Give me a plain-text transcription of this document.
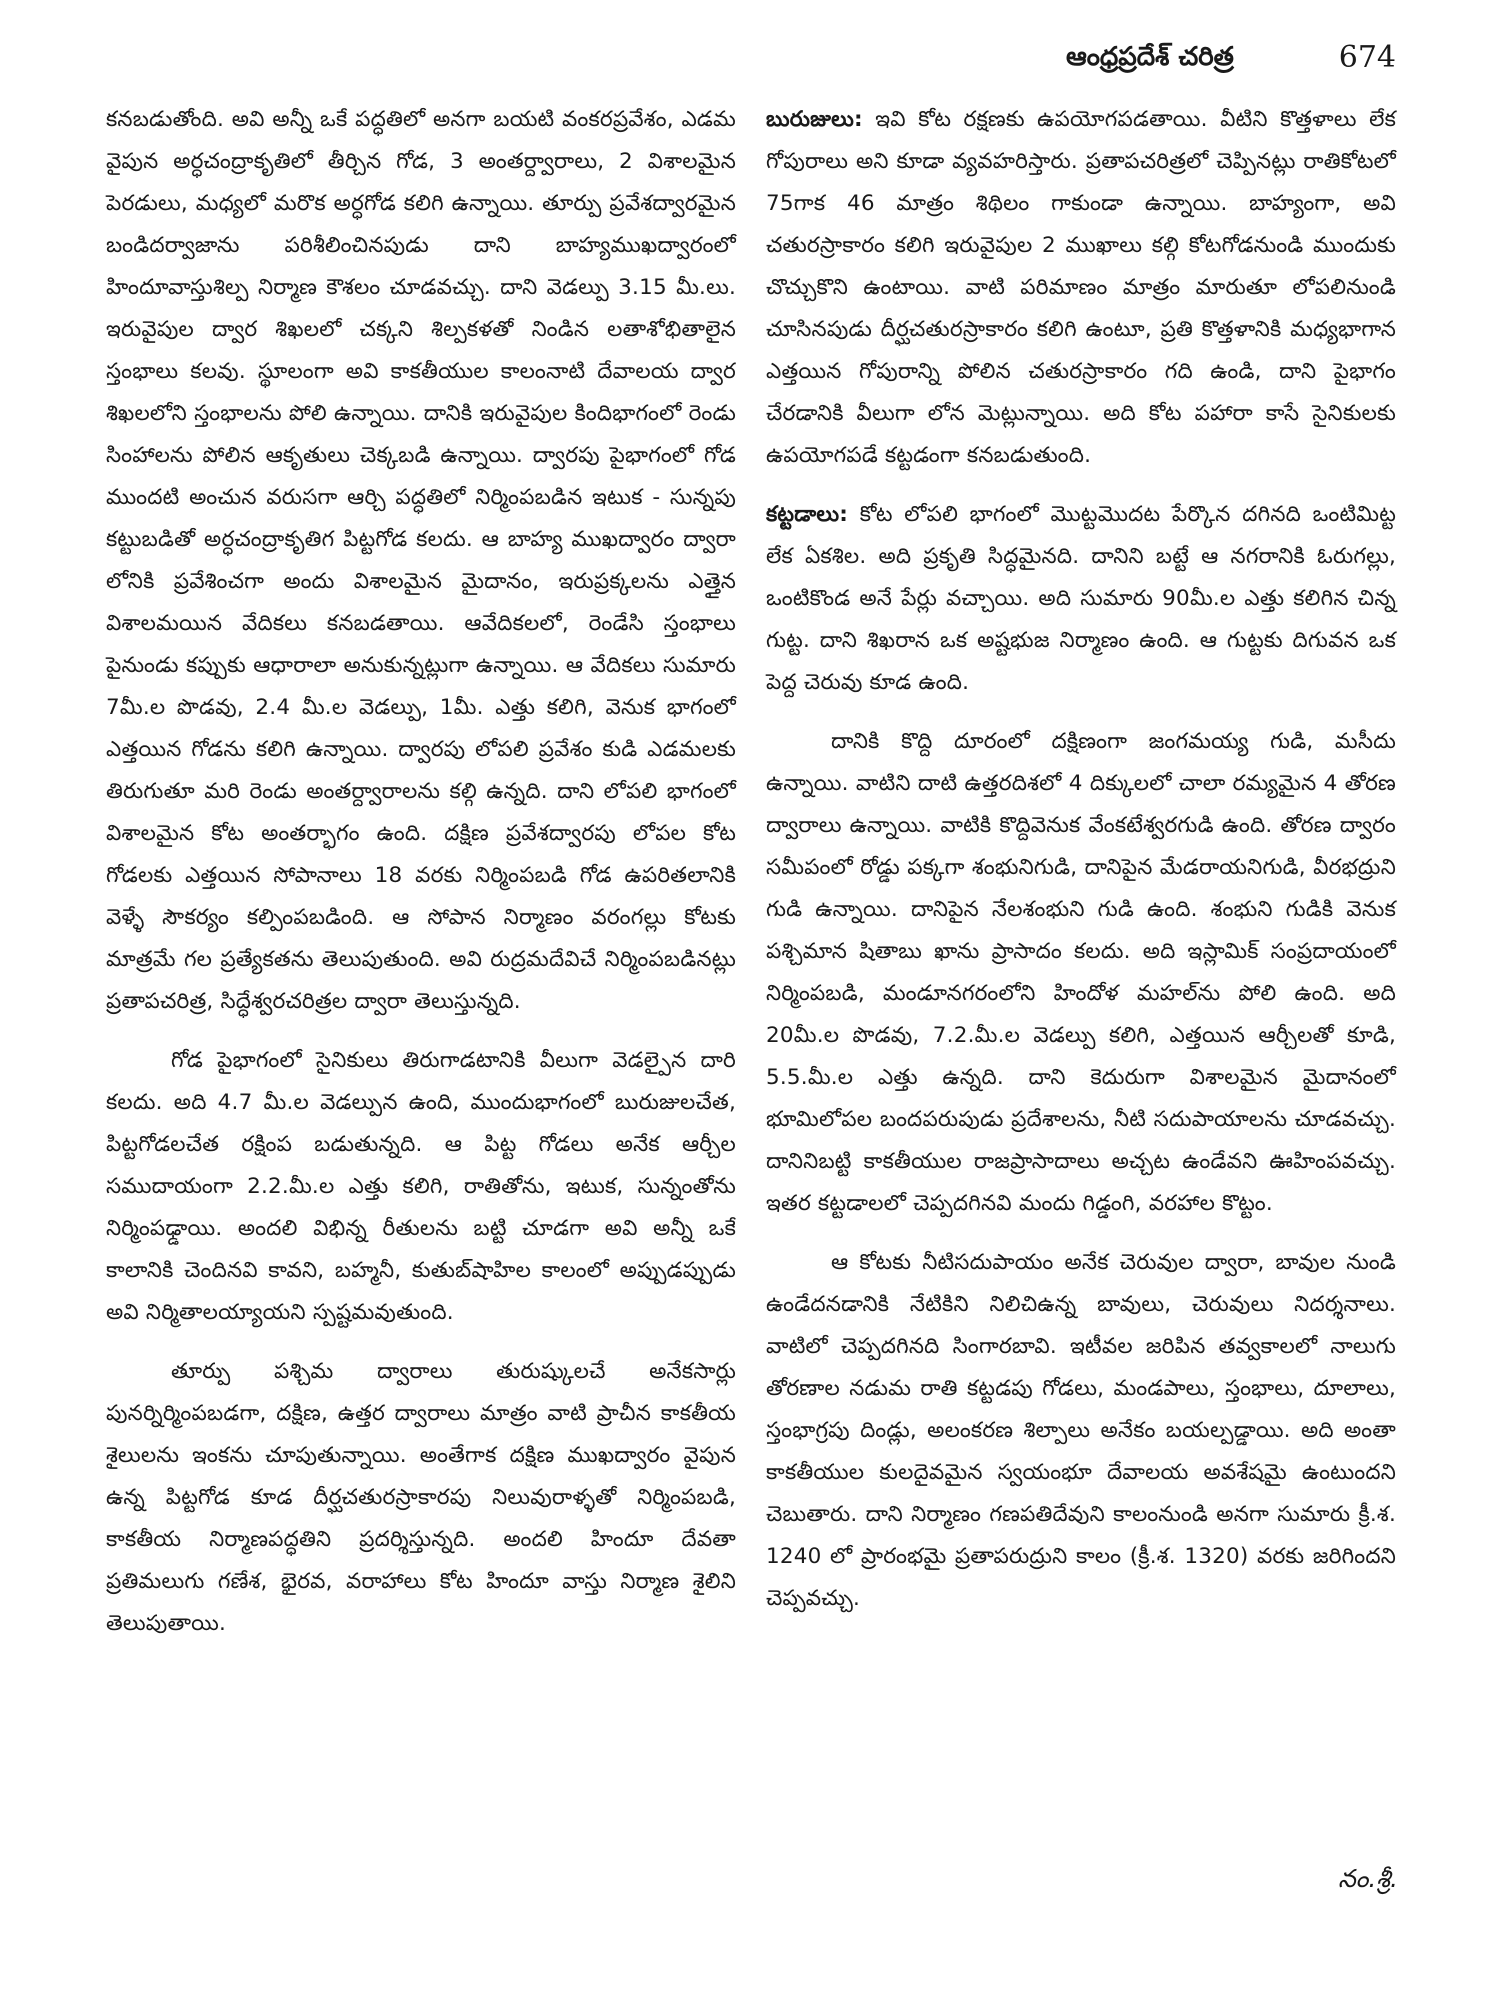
ఆంధ్రప్రదేశ్ చరిత్ర	674

కనబడుతోంది. అవి అన్నీ ఒకే పద్ధతిలో అనగా బయటి వంకరప్రవేశం, ఎడమ వైపున అర్ధచంద్రాకృతిలో తీర్చిన గోడ, 3 అంతర్ద్వారాలు, 2 విశాలమైన పెరడులు, మధ్యలో మరొక అర్ధగోడ కలిగి ఉన్నాయి. తూర్పు ప్రవేశద్వారమైన బండిదర్వాజాను పరిశీలించినపుడు దాని బాహ్యముఖద్వారంలో హిందూవాస్తుశిల్ప నిర్మాణ కౌశలం చూడవచ్చు. దాని వెడల్పు 3.15 మీ.లు. ఇరువైపుల ద్వార శిఖలలో చక్కని శిల్పకళతో నిండిన లతాశోభితాలైన స్తంభాలు కలవు. స్థూలంగా అవి కాకతీయుల కాలంనాటి దేవాలయ ద్వార శిఖలలోని స్తంభాలను పోలి ఉన్నాయి. దానికి ఇరువైపుల కిందిభాగంలో రెండు సింహాలను పోలిన ఆకృతులు చెక్కబడి ఉన్నాయి. ద్వారపు పైభాగంలో గోడ ముందటి అంచున వరుసగా ఆర్చి పద్ధతిలో నిర్మింపబడిన ఇటుక - సున్నపు కట్టుబడితో అర్ధచంద్రాకృతిగ పిట్టగోడ కలదు. ఆ బాహ్య ముఖద్వారం ద్వారా లోనికి ప్రవేశించగా అందు విశాలమైన మైదానం, ఇరుప్రక్కలను ఎత్తైన విశాలమయిన వేదికలు కనబడతాయి. ఆవేదికలలో, రెండేసి స్తంభాలు పైనుండు కప్పుకు ఆధారాలా అనుకున్నట్లుగా ఉన్నాయి. ఆ వేదికలు సుమారు 7మీ.ల పొడవు, 2.4 మీ.ల వెడల్పు, 1మీ. ఎత్తు కలిగి, వెనుక భాగంలో ఎత్తయిన గోడను కలిగి ఉన్నాయి. ద్వారపు లోపలి ప్రవేశం కుడి ఎడమలకు తిరుగుతూ మరి రెండు అంతర్ద్వారాలను కల్గి ఉన్నది. దాని లోపలి భాగంలో విశాలమైన కోట అంతర్భాగం ఉంది. దక్షిణ ప్రవేశద్వారపు లోపల కోట గోడలకు ఎత్తయిన సోపానాలు 18 వరకు నిర్మింపబడి గోడ ఉపరితలానికి వెళ్ళే సౌకర్యం కల్పింపబడింది. ఆ సోపాన నిర్మాణం వరంగల్లు కోటకు మాత్రమే గల ప్రత్యేకతను తెలుపుతుంది. అవి రుద్రమదేవిచే నిర్మింపబడినట్లు ప్రతాపచరిత్ర, సిద్ధేశ్వరచరిత్రల ద్వారా తెలుస్తున్నది.

గోడ పైభాగంలో సైనికులు తిరుగాడటానికి వీలుగా వెడల్పైన దారి కలదు. అది 4.7 మీ.ల వెడల్పున ఉంది, ముందుభాగంలో బురుజులచేత, పిట్టగోడలచేత రక్షింప బడుతున్నది. ఆ పిట్ట గోడలు అనేక ఆర్చీల సముదాయంగా 2.2.మీ.ల ఎత్తు కలిగి, రాతితోను, ఇటుక, సున్నంతోను నిర్మింపఢ్డాయి. అందలి విభిన్న రీతులను బట్టి చూడగా అవి అన్నీ ఒకే కాలానికి చెందినవి కావని, బహ్మనీ, కుతుబ్‌షాహిల కాలంలో అప్పుడప్పుడు అవి నిర్మితాలయ్యాయని స్పష్టమవుతుంది.

తూర్పు పశ్చిమ ద్వారాలు తురుష్కులచే అనేకసార్లు పునర్నిర్మింపబడగా, దక్షిణ, ఉత్తర ద్వారాలు మాత్రం వాటి ప్రాచీన కాకతీయ శైలులను ఇంకను చూపుతున్నాయి. అంతేగాక దక్షిణ ముఖద్వారం వైపున ఉన్న పిట్టగోడ కూడ దీర్ఘచతురస్రాకారపు నిలువురాళ్ళతో నిర్మింపబడి, కాకతీయ నిర్మాణపద్ధతిని ప్రదర్శిస్తున్నది. అందలి హిందూ దేవతా ప్రతిమలుగు గణేశ, భైరవ, వరాహాలు కోట హిందూ వాస్తు నిర్మాణ శైలిని తెలుపుతాయి.

బురుజులు: ఇవి కోట రక్షణకు ఉపయోగపడతాయి. వీటిని కొత్తళాలు లేక గోపురాలు అని కూడా వ్యవహరిస్తారు. ప్రతాపచరిత్రలో చెప్పినట్లు రాతికోటలో 75గాక 46 మాత్రం శిథిలం గాకుండా ఉన్నాయి. బాహ్యంగా, అవి చతురస్రాకారం కలిగి ఇరువైపుల 2 ముఖాలు కల్గి కోటగోడనుండి ముందుకు చొచ్చుకొని ఉంటాయి. వాటి పరిమాణం మాత్రం మారుతూ లోపలినుండి చూసినపుడు దీర్ఘచతురస్రాకారం కలిగి ఉంటూ, ప్రతి కొత్తళానికి మధ్యభాగాన ఎత్తయిన గోపురాన్ని పోలిన చతురస్రాకారం గది ఉండి, దాని పైభాగం చేరడానికి వీలుగా లోన మెట్లున్నాయి. అది కోట పహారా కాసే సైనికులకు ఉపయోగపడే కట్టడంగా కనబడుతుంది.

కట్టడాలు: కోట లోపలి భాగంలో మొట్టమొదట పేర్కొన దగినది ఒంటిమిట్ట లేక ఏకశిల. అది ప్రకృతి సిద్ధమైనది. దానిని బట్టే ఆ నగరానికి ఓరుగల్లు, ఒంటికొండ అనే పేర్లు వచ్చాయి. అది సుమారు 90మీ.ల ఎత్తు కలిగిన చిన్న గుట్ట. దాని శిఖరాన ఒక అష్టభుజ నిర్మాణం ఉంది. ఆ గుట్టకు దిగువన ఒక పెద్ద చెరువు కూడ ఉంది.

దానికి కొద్ది దూరంలో దక్షిణంగా జంగమయ్య గుడి, మసీదు ఉన్నాయి. వాటిని దాటి ఉత్తరదిశలో 4 దిక్కులలో చాలా రమ్యమైన 4 తోరణ ద్వారాలు ఉన్నాయి. వాటికి కొద్దివెనుక వేంకటేశ్వరగుడి ఉంది. తోరణ ద్వారం సమీపంలో రోడ్డు పక్కగా శంభునిగుడి, దానిపైన మేడరాయనిగుడి, వీరభద్రుని గుడి ఉన్నాయి. దానిపైన నేలశంభుని గుడి ఉంది. శంభుని గుడికి వెనుక పశ్చిమాన షితాబు ఖాను ప్రాసాదం కలదు. అది ఇస్లామిక్ సంప్రదాయంలో నిర్మింపబడి, మండూనగరంలోని హిందోళ మహల్‌ను పోలి ఉంది. అది 20మీ.ల పొడవు, 7.2.మీ.ల వెడల్పు కలిగి, ఎత్తయిన ఆర్చీలతో కూడి, 5.5.మీ.ల ఎత్తు ఉన్నది. దాని కెదురుగా విశాలమైన మైదానంలో భూమిలోపల బందపరుపుడు ప్రదేశాలను, నీటి సదుపాయాలను చూడవచ్చు. దానినిబట్టి కాకతీయుల రాజప్రాసాదాలు అచ్చట ఉండేవని ఊహింపవచ్చు. ఇతర కట్టడాలలో చెప్పదగినవి మందు గిడ్డంగి, వరహాల కొట్టం.

ఆ కోటకు నీటిసదుపాయం అనేక చెరువుల ద్వారా, బావుల నుండి ఉండేదనడానికి నేటికిని నిలిచిఉన్న బావులు, చెరువులు నిదర్శనాలు. వాటిలో చెప్పదగినది సింగారబావి. ఇటీవల జరిపిన తవ్వకాలలో నాలుగు తోరణాల నడుమ రాతి కట్టడపు గోడలు, మండపాలు, స్తంభాలు, దూలాలు, స్తంభాగ్రపు దిండ్లు, అలంకరణ శిల్పాలు అనేకం బయల్పడ్డాయి. అది అంతా కాకతీయుల కులదైవమైన స్వయంభూ దేవాలయ అవశేషమై ఉంటుందని చెబుతారు. దాని నిర్మాణం గణపతిదేవుని కాలంనుండి అనగా సుమారు క్రీ.శ. 1240 లో ప్రారంభమై ప్రతాపరుద్రుని కాలం (క్రీ.శ. 1320) వరకు జరిగిందని చెప్పవచ్చు.

నం.శ్రీ.
